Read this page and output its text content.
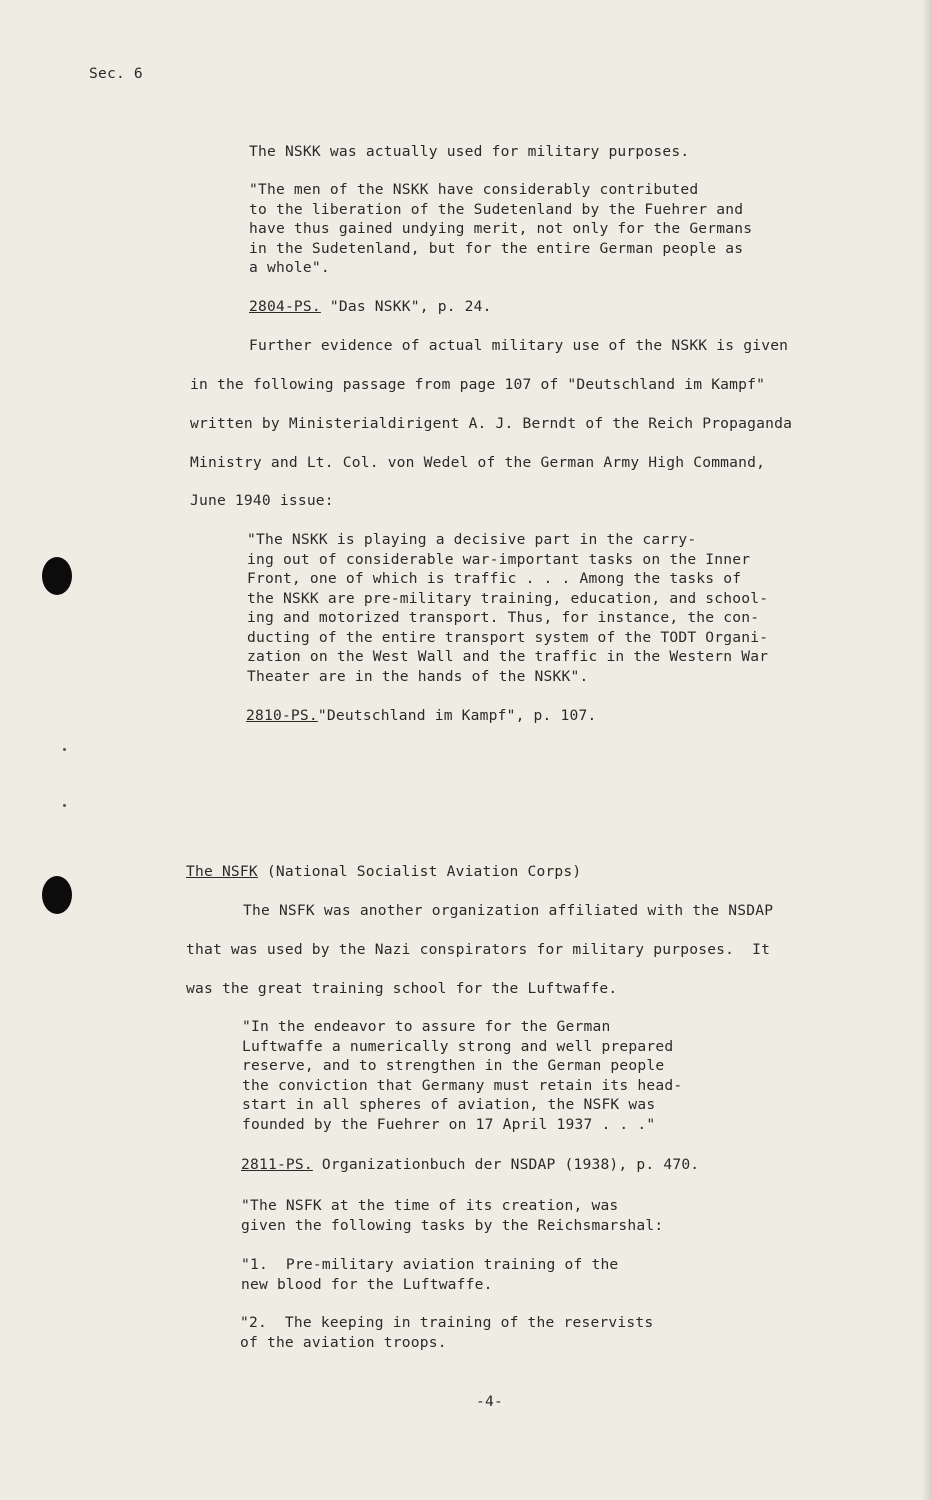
Sec. 6
The NSKK was actually used for military purposes.
"The men of the NSKK have considerably contributed
to the liberation of the Sudetenland by the Fuehrer and
have thus gained undying merit, not only for the Germans
in the Sudetenland, but for the entire German people as
a whole".
2804-PS. "Das NSKK", p. 24.
Further evidence of actual military use of the NSKK is given
in the following passage from page 107 of "Deutschland im Kampf"
written by Ministerialdirigent A. J. Berndt of the Reich Propaganda
Ministry and Lt. Col. von Wedel of the German Army High Command,
June 1940 issue:
"The NSKK is playing a decisive part in the carry-
ing out of considerable war-important tasks on the Inner
Front, one of which is traffic . . . Among the tasks of
the NSKK are pre-military training, education, and school-
ing and motorized transport. Thus, for instance, the con-
ducting of the entire transport system of the TODT Organi-
zation on the West Wall and the traffic in the Western War
Theater are in the hands of the NSKK".
2810-PS."Deutschland im Kampf", p. 107.
The NSFK (National Socialist Aviation Corps)
The NSFK was another organization affiliated with the NSDAP
that was used by the Nazi conspirators for military purposes.  It
was the great training school for the Luftwaffe.
"In the endeavor to assure for the German
Luftwaffe a numerically strong and well prepared
reserve, and to strengthen in the German people
the conviction that Germany must retain its head-
start in all spheres of aviation, the NSFK was
founded by the Fuehrer on 17 April 1937 . . ."
2811-PS. Organizationbuch der NSDAP (1938), p. 470.
"The NSFK at the time of its creation, was
given the following tasks by the Reichsmarshal:
"1.  Pre-military aviation training of the
new blood for the Luftwaffe.
"2.  The keeping in training of the reservists
of the aviation troops.
-4-
